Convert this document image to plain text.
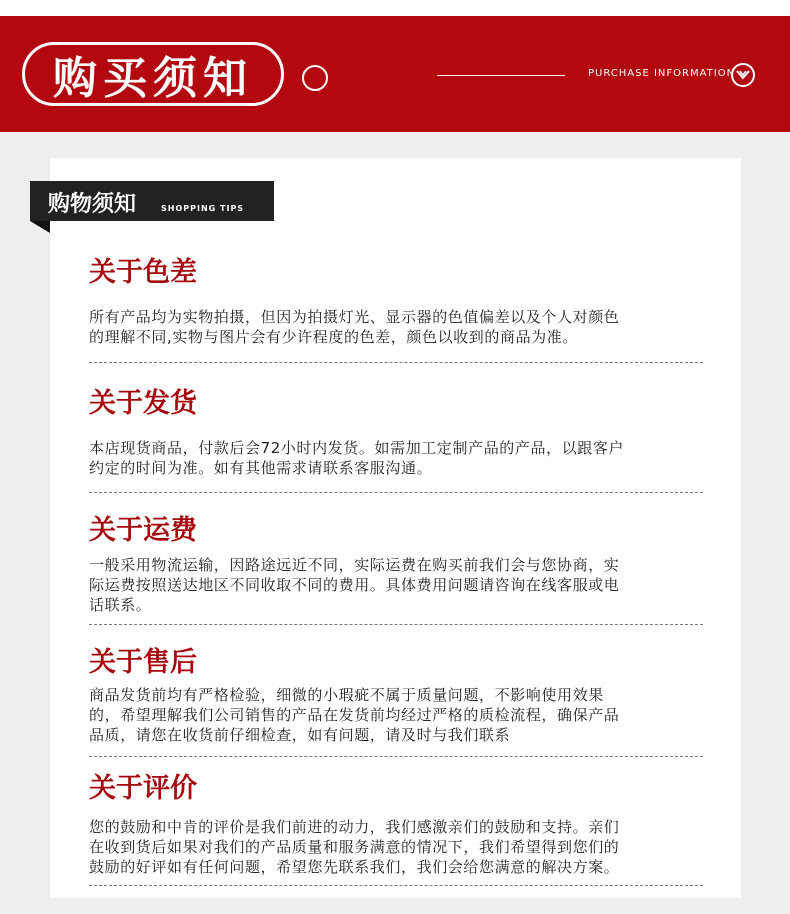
购买须知	PURCHASE INFORMATION
购物须知	SHOPPING TIPS
关于色差

所有产品均为实物拍摄，但因为拍摄灯光、显示器的色值偏差以及个人对颜色

的理解不同,实物与图片会有少许程度的色差，颜色以收到的商品为准。

关于发货

本店现货商品，付款后会72小时内发货。如需加工定制产品的产品，以跟客户

约定的时间为准。如有其他需求请联系客服沟通。

关于运费

一般采用物流运输，因路途远近不同，实际运费在购买前我们会与您协商，实

际运费按照送达地区不同收取不同的费用。具体费用问题请咨询在线客服或电

话联系。

关于售后

商品发货前均有严格检验，细微的小瑕疵不属于质量问题，不影响使用效果

的，希望理解我们公司销售的产品在发货前均经过严格的质检流程，确保产品

品质，请您在收货前仔细检查，如有问题，请及时与我们联系

关于评价

您的鼓励和中肯的评价是我们前进的动力，我们感激亲们的鼓励和支持。亲们

在收到货后如果对我们的产品质量和服务满意的情况下，我们希望得到您们的

鼓励的好评如有任何问题，希望您先联系我们，我们会给您满意的解决方案。
